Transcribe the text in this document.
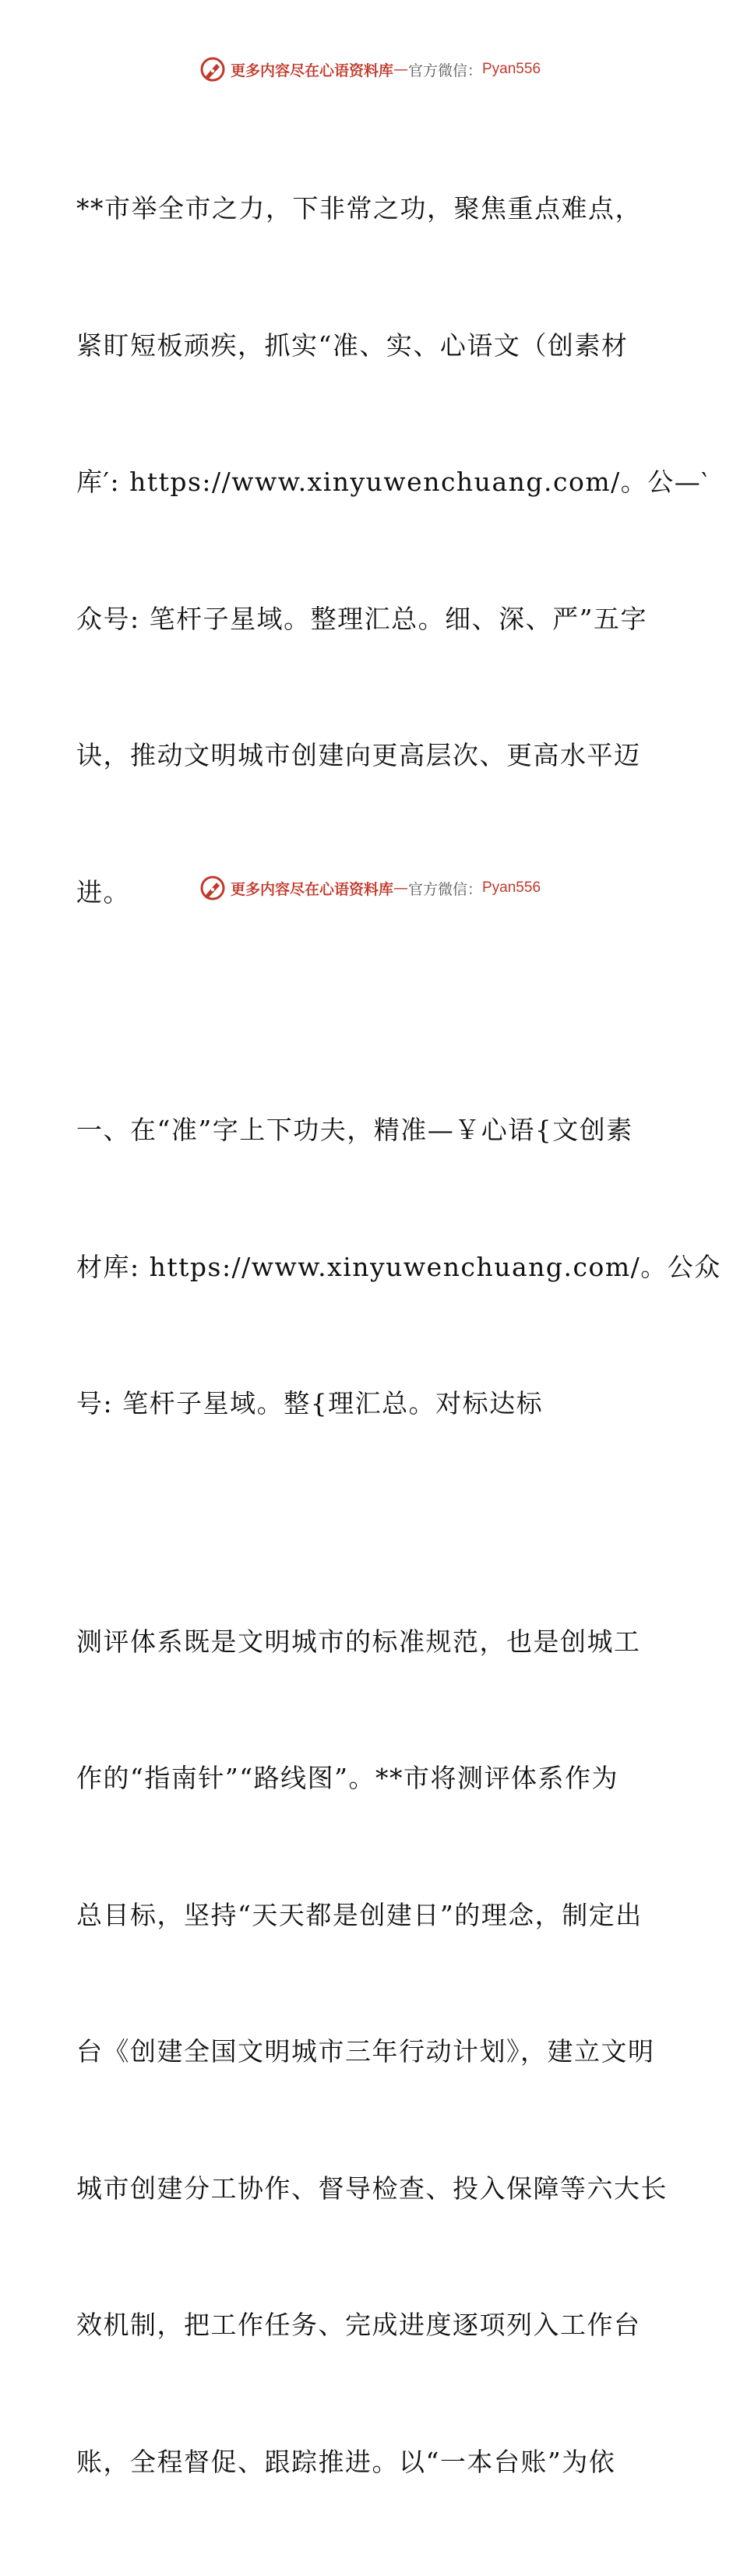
更多内容尽在心语资料库 — 官方微信： Pyan556

**市举全市之力，下非常之功，聚焦重点难点，

紧盯短板顽疾，抓实“准、实、心语文（创素材

库′: https://www.xinyuwenchuang.com/。公—‵

众号: 笔杆子星域。整理汇总。细、深、严”五字

诀，推动文明城市创建向更高层次、更高水平迈

进。

一、在“准”字上下功夫，精准—￥心语{文创素

材库: https://www.xinyuwenchuang.com/。公众

号: 笔杆子星域。整{理汇总。对标达标

测评体系既是文明城市的标准规范，也是创城工

作的“指南针”“路线图”。**市将测评体系作为

总目标，坚持“天天都是创建日”的理念，制定出

台《创建全国文明城市三年行动计划》，建立文明

城市创建分工协作、督导检查、投入保障等六大长

效机制，把工作任务、完成进度逐项列入工作台

账，全程督促、跟踪推进。以“一本台账”为依

更多内容尽在心语资料库 — 官方微信： Pyan556
